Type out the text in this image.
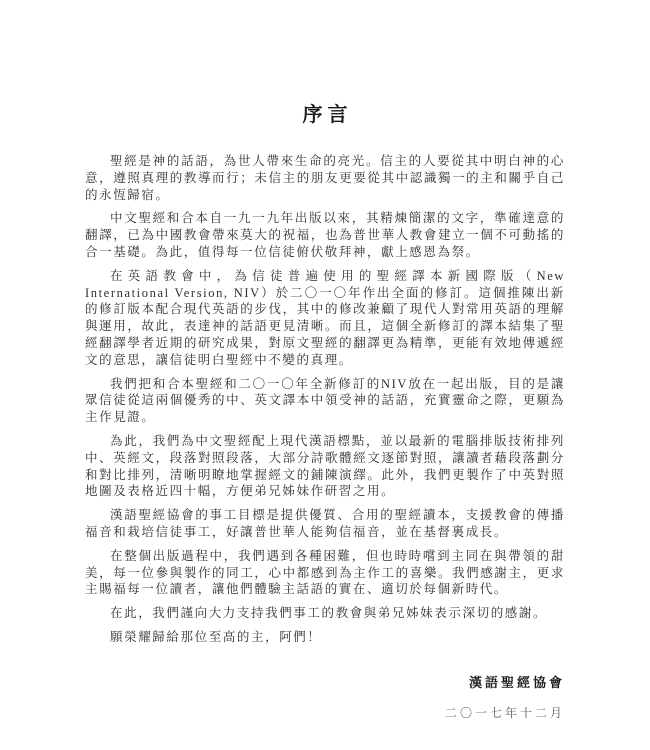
序言

聖經是神的話語，為世人帶來生命的亮光。信主的人要從其中明白神的心意，遵照真理的教導而行；未信主的朋友更要從其中認識獨一的主和關乎自己的永恆歸宿。

中文聖經和合本自一九一九年出版以來，其精煉簡潔的文字，準確達意的翻譯，已為中國教會帶來莫大的祝福，也為普世華人教會建立一個不可動搖的合一基礎。為此，值得每一位信徒俯伏敬拜神，獻上感恩為祭。

在英語教會中，為信徒普遍使用的聖經譯本新國際版（New International Version, NIV）於二〇一〇年作出全面的修訂。這個推陳出新的修訂版本配合現代英語的步伐，其中的修改兼顧了現代人對常用英語的理解與運用，故此，表達神的話語更見清晰。而且，這個全新修訂的譯本結集了聖經翻譯學者近期的研究成果，對原文聖經的翻譯更為精準，更能有效地傳遞經文的意思，讓信徒明白聖經中不變的真理。

我們把和合本聖經和二〇一〇年全新修訂的NIV放在一起出版，目的是讓眾信徒從這兩個優秀的中、英文譯本中領受神的話語，充實靈命之際，更願為主作見證。

為此，我們為中文聖經配上現代漢語標點，並以最新的電腦排版技術排列中、英經文，段落對照段落，大部分詩歌體經文逐節對照，讓讀者藉段落劃分和對比排列，清晰明瞭地掌握經文的鋪陳演繹。此外，我們更製作了中英對照地圖及表格近四十幅，方便弟兄姊妹作研習之用。

漢語聖經協會的事工目標是提供優質、合用的聖經讀本，支援教會的傳播福音和栽培信徒事工，好讓普世華人能夠信福音，並在基督裏成長。

在整個出版過程中，我們遇到各種困難，但也時時嚐到主同在與帶領的甜美，每一位參與製作的同工，心中都感到為主作工的喜樂。我們感謝主，更求主賜福每一位讀者，讓他們體驗主話語的實在、適切於每個新時代。

在此，我們謹向大力支持我們事工的教會與弟兄姊妹表示深切的感謝。

願榮耀歸給那位至高的主，阿們！

漢語聖經協會
二〇一七年十二月
